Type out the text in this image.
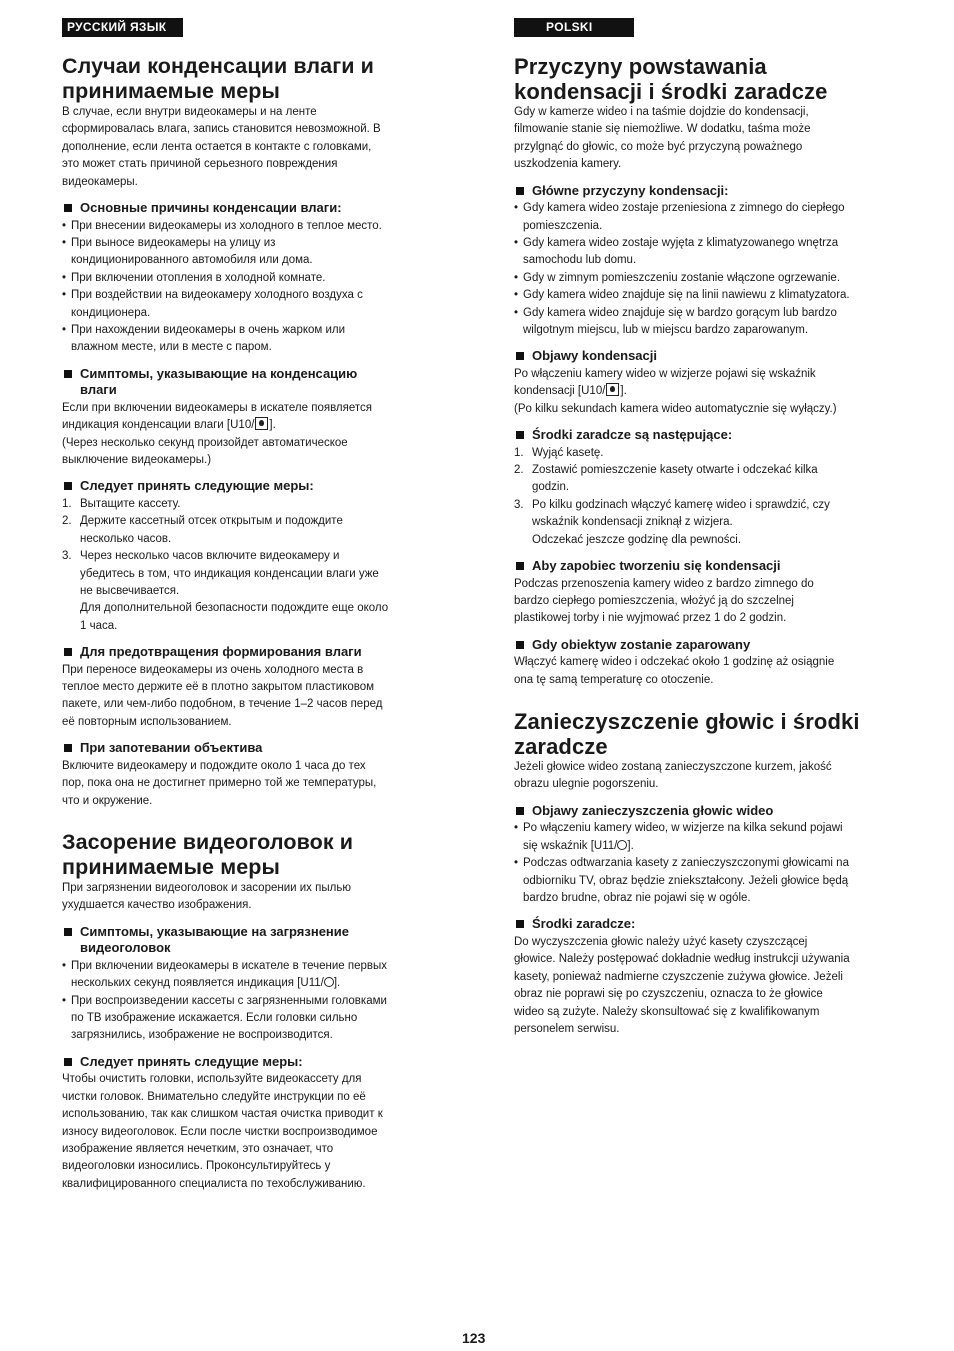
РУССКИЙ ЯЗЫК
Случаи конденсации влаги и
принимаемые меры
В случае, если внутри видеокамеры и на ленте
сформировалась влага, запись становится невозможной. В
дополнение, если лента остается в контакте с головками,
это может стать причиной серьезного повреждения
видеокамеры.
Основные причины конденсации влаги:
• При внесении видеокамеры из холодного в теплое место.
• При выносе видеокамеры на улицу из
кондиционированного автомобиля или дома.
• При включении отопления в холодной комнате.
• При воздействии на видеокамеру холодного воздуха с
кондиционера.
• При нахождении видеокамеры в очень жарком или
влажном месте, или в месте с паром.
Симптомы, указывающие на конденсацию
влаги
Если при включении видеокамеры в искателе появляется
индикация конденсации влаги [U10/ ].
(Через несколько секунд произойдет автоматическое
выключение видеокамеры.)
Следует принять следующие меры:
1. Вытащите кассету.
2. Держите кассетный отсек открытым и подождите
несколько часов.
3. Через несколько часов включите видеокамеру и
убедитесь в том, что индикация конденсации влаги уже
не высвечивается.
Для дополнительной безопасности подождите еще около
1 часа.
Для предотвращения формирования влаги
При переносе видеокамеры из очень холодного места в
теплое место держите её в плотно закрытом пластиковом
пакете, или чем-либо подобном, в течение 1–2 часов перед
её повторным использованием.
При запотевании объектива
Включите видеокамеру и подождите около 1 часа до тех
пор, пока она не достигнет примерно той же температуры,
что и окружение.
Засорение видеоголовок и
принимаемые меры
При загрязнении видеоголовок и засорении их пылью
ухудшается качество изображения.
Симптомы, указывающие на загрязнение
видеоголовок
• При включении видеокамеры в искателе в течение первых
нескольких секунд появляется индикация [U11/ ].
• При воспроизведении кассеты с загрязненными головками
по ТВ изображение искажается. Если головки сильно
загрязнились, изображение не воспроизводится.
Следует принять следущие меры:
Чтобы очистить головки, используйте видеокассету для
чистки головок. Внимательно следуйте инструкции по её
использованию, так как слишком частая очистка приводит к
износу видеоголовок. Если после чистки воспроизводимое
изображение является нечетким, это означает, что
видеоголовки износились. Проконсультируйтесь у
квалифицированного специалиста по техобслуживанию.
POLSKI
Przyczyny powstawania
kondensacji i środki zaradcze
Gdy w kamerze wideo i na taśmie dojdzie do kondensacji,
filmowanie stanie się niemożliwe. W dodatku, taśma może
przylgnąć do głowic, co może być przyczyną poważnego
uszkodzenia kamery.
Główne przyczyny kondensacji:
• Gdy kamera wideo zostaje przeniesiona z zimnego do ciepłego
pomieszczenia.
• Gdy kamera wideo zostaje wyjęta z klimatyzowanego wnętrza
samochodu lub domu.
• Gdy w zimnym pomieszczeniu zostanie włączone ogrzewanie.
• Gdy kamera wideo znajduje się na linii nawiewu z klimatyzatora.
• Gdy kamera wideo znajduje się w bardzo gorącym lub bardzo
wilgotnym miejscu, lub w miejscu bardzo zaparowanym.
Objawy kondensacji
Po włączeniu kamery wideo w wizjerze pojawi się wskaźnik
kondensacji [U10/ ].
(Po kilku sekundach kamera wideo automatycznie się wyłączy.)
Środki zaradcze są następujące:
1. Wyjąć kasetę.
2. Zostawić pomieszczenie kasety otwarte i odczekać kilka
godzin.
3. Po kilku godzinach włączyć kamerę wideo i sprawdzić, czy
wskaźnik kondensacji zniknął z wizjera.
Odczekać jeszcze godzinę dla pewności.
Aby zapobiec tworzeniu się kondensacji
Podczas przenoszenia kamery wideo z bardzo zimnego do
bardzo ciepłego pomieszczenia, włożyć ją do szczelnej
plastikowej torby i nie wyjmować przez 1 do 2 godzin.
Gdy obiektyw zostanie zaparowany
Włączyć kamerę wideo i odczekać około 1 godzinę aż osiągnie
ona tę samą temperaturę co otoczenie.
Zanieczyszczenie głowic i środki
zaradcze
Jeżeli głowice wideo zostaną zanieczyszczone kurzem, jakość
obrazu ulegnie pogorszeniu.
Objawy zanieczyszczenia głowic wideo
• Po włączeniu kamery wideo, w wizjerze na kilka sekund pojawi
się wskaźnik [U11/ ].
• Podczas odtwarzania kasety z zanieczyszczonymi głowicami na
odbiorniku TV, obraz będzie zniekształcony. Jeżeli głowice będą
bardzo brudne, obraz nie pojawi się w ogóle.
Środki zaradcze:
Do wyczyszczenia głowic należy użyć kasety czyszczącej
głowice. Należy postępować dokładnie według instrukcji używania
kasety, ponieważ nadmierne czyszczenie zużywa głowice. Jeżeli
obraz nie poprawi się po czyszczeniu, oznacza to że głowice
wideo są zużyte. Należy skonsultować się z kwalifikowanym
personelem serwisu.
123
